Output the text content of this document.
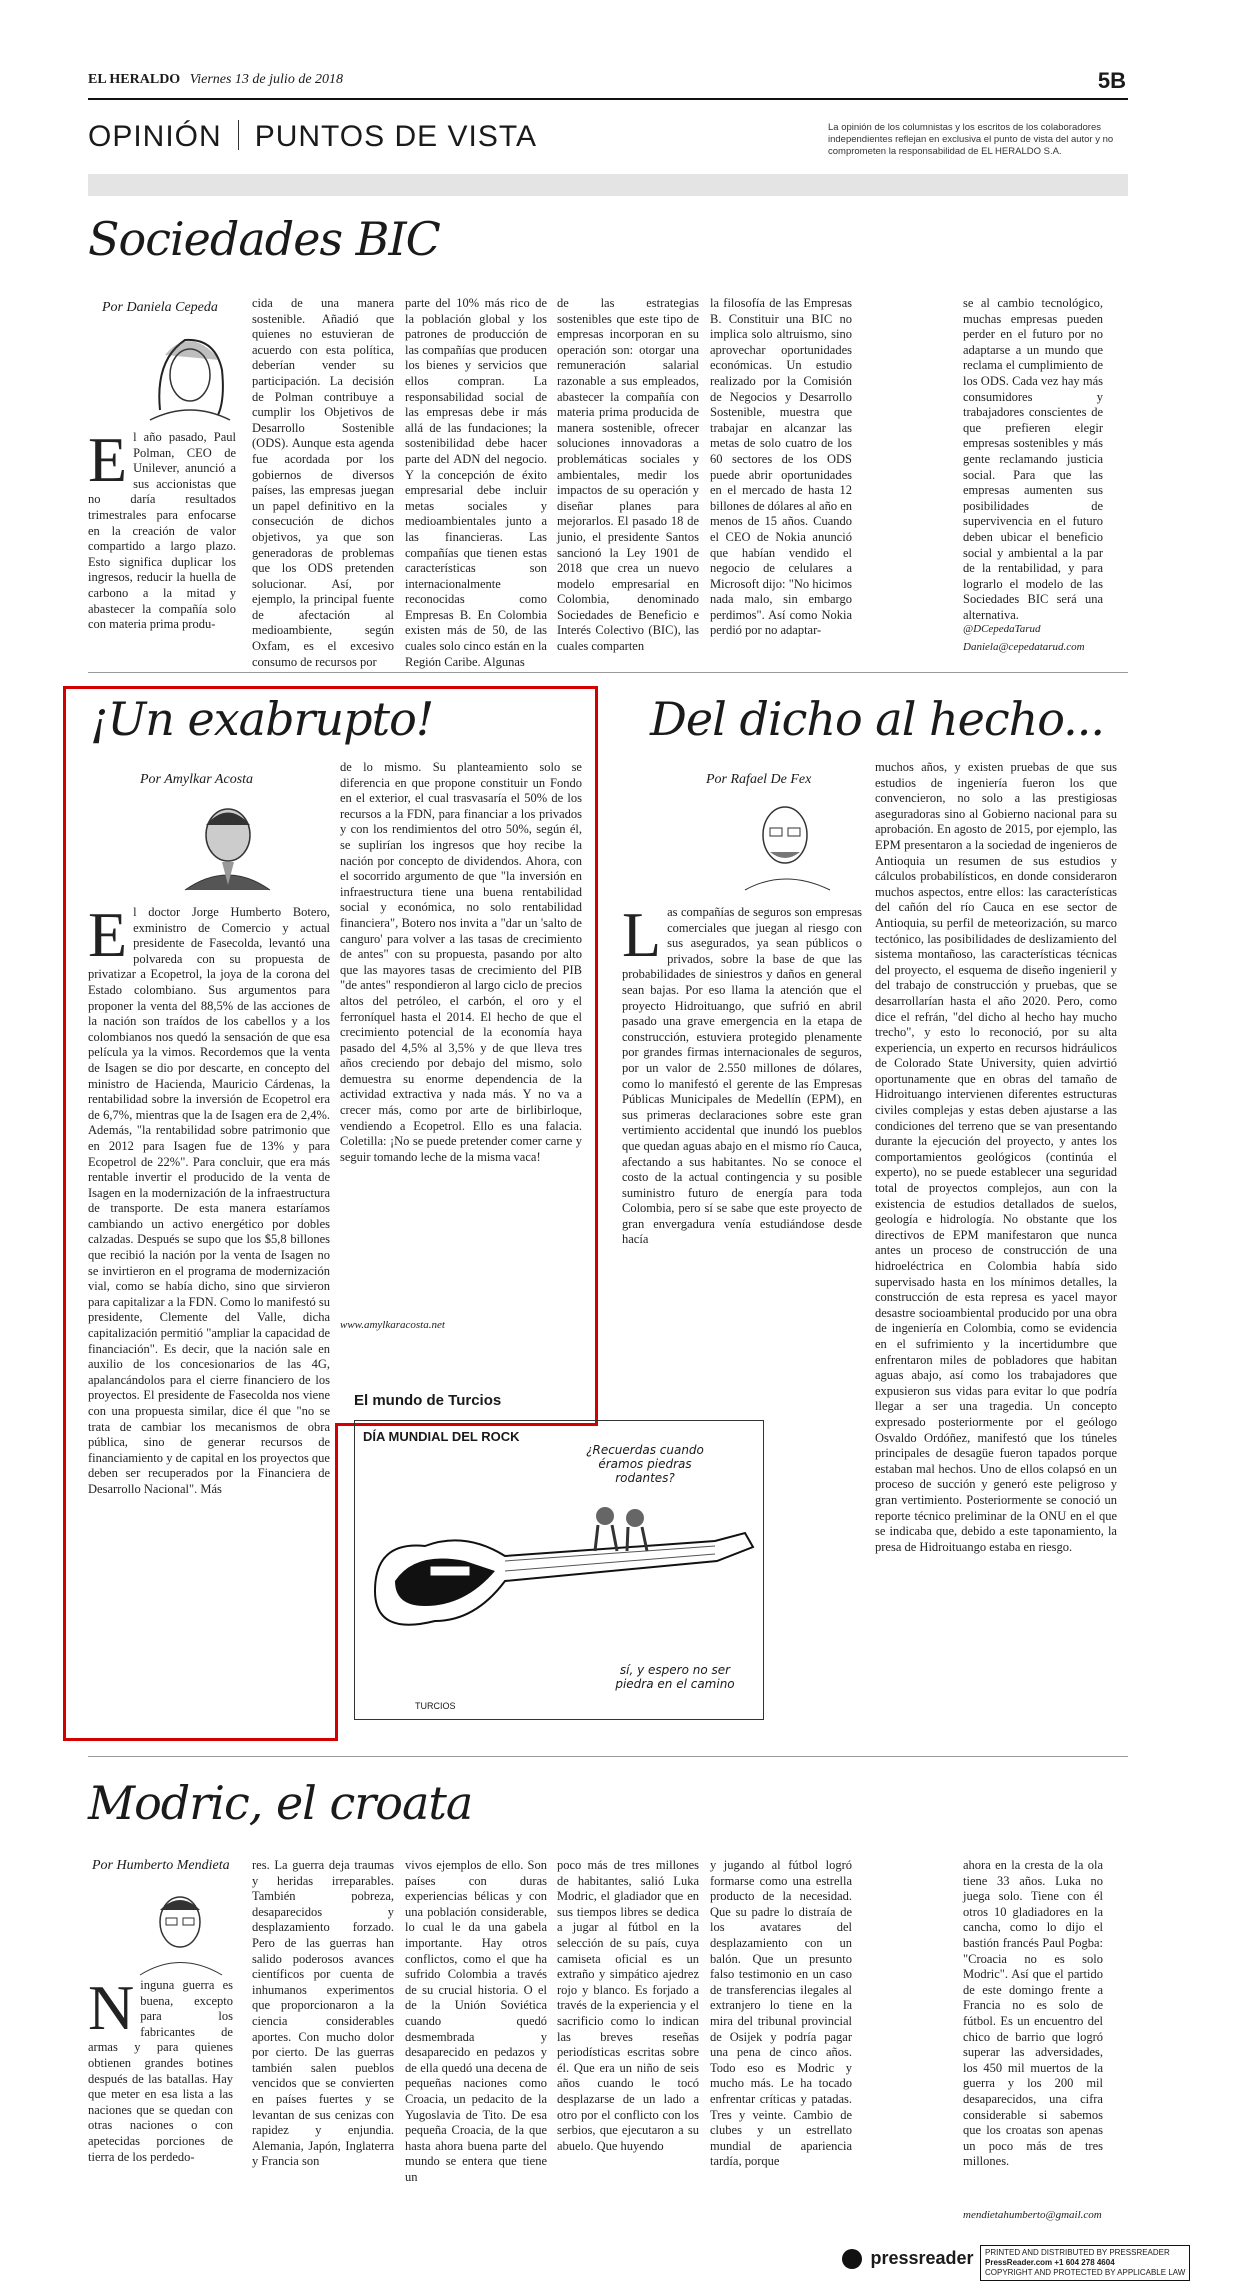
EL HERALDO Viernes 13 de julio de 2018	5B
OPINIÓN PUNTOS DE VISTA	La opinión de los columnistas y los escritos de los colaboradores independientes reflejan en exclusiva el punto de vista del autor y no comprometen la responsabilidad de EL HERALDO S.A.
Sociedades BIC
Por Daniela Cepeda
El año pasado, Paul Polman, CEO de Unilever, anunció a sus accionistas que no daría resultados trimestrales para enfocarse en la creación de valor compartido a largo plazo. Esto significa duplicar los ingresos, reducir la huella de carbono a la mitad y abastecer la compañía solo con materia prima produ-
cida de una manera sostenible. Añadió que quienes no estuvieran de acuerdo con esta política, deberían vender su participación. La decisión de Polman contribuye a cumplir los Objetivos de Desarrollo Sostenible (ODS). Aunque esta agenda fue acordada por los gobiernos de diversos países, las empresas juegan un papel definitivo en la consecución de dichos objetivos, ya que son generadoras de problemas que los ODS pretenden solucionar. Así, por ejemplo, la principal fuente de afectación al medioambiente, según Oxfam, es el excesivo consumo de recursos por
parte del 10% más rico de la población global y los patrones de producción de las compañías que producen los bienes y servicios que ellos compran. La responsabilidad social de las empresas debe ir más allá de las fundaciones; la sostenibilidad debe hacer parte del ADN del negocio. Y la concepción de éxito empresarial debe incluir metas sociales y medioambientales junto a las financieras. Las compañías que tienen estas características son internacionalmente reconocidas como Empresas B. En Colombia existen más de 50, de las cuales solo cinco están en la Región Caribe. Algunas
de las estrategias sostenibles que este tipo de empresas incorporan en su operación son: otorgar una remuneración salarial razonable a sus empleados, abastecer la compañía con materia prima producida de manera sostenible, ofrecer soluciones innovadoras a problemáticas sociales y ambientales, medir los impactos de su operación y diseñar planes para mejorarlos. El pasado 18 de junio, el presidente Santos sancionó la Ley 1901 de 2018 que crea un nuevo modelo empresarial en Colombia, denominado Sociedades de Beneficio e Interés Colectivo (BIC), las cuales comparten
la filosofía de las Empresas B. Constituir una BIC no implica solo altruismo, sino aprovechar oportunidades económicas. Un estudio realizado por la Comisión de Negocios y Desarrollo Sostenible, muestra que trabajar en alcanzar las metas de solo cuatro de los 60 sectores de los ODS puede abrir oportunidades en el mercado de hasta 12 billones de dólares al año en menos de 15 años. Cuando el CEO de Nokia anunció que habían vendido el negocio de celulares a Microsoft dijo: "No hicimos nada malo, sin embargo perdimos". Así como Nokia perdió por no adaptar-
se al cambio tecnológico, muchas empresas pueden perder en el futuro por no adaptarse a un mundo que reclama el cumplimiento de los ODS. Cada vez hay más consumidores y trabajadores conscientes de que prefieren elegir empresas sostenibles y más gente reclamando justicia social. Para que las empresas aumenten sus posibilidades de supervivencia en el futuro deben ubicar el beneficio social y ambiental a la par de la rentabilidad, y para lograrlo el modelo de las Sociedades BIC será una alternativa.
@DCepedaTarud
Daniela@cepedatarud.com
¡Un exabrupto!
Por Amylkar Acosta
El doctor Jorge Humberto Botero, exministro de Comercio y actual presidente de Fasecolda, levantó una polvareda con su propuesta de privatizar a Ecopetrol, la joya de la corona del Estado colombiano. Sus argumentos para proponer la venta del 88,5% de las acciones de la nación son traídos de los cabellos y a los colombianos nos quedó la sensación de que esa película ya la vimos. Recordemos que la venta de Isagen se dio por descarte, en concepto del ministro de Hacienda, Mauricio Cárdenas, la rentabilidad sobre la inversión de Ecopetrol era de 6,7%, mientras que la de Isagen era de 2,4%. Además, "la rentabilidad sobre patrimonio que en 2012 para Isagen fue de 13% y para Ecopetrol de 22%". Para concluir, que era más rentable invertir el producido de la venta de Isagen en la modernización de la infraestructura de transporte. De esta manera estaríamos cambiando un activo energético por dobles calzadas. Después se supo que los $5,8 billones que recibió la nación por la venta de Isagen no se invirtieron en el programa de modernización vial, como se había dicho, sino que sirvieron para capitalizar a la FDN. Como lo manifestó su presidente, Clemente del Valle, dicha capitalización permitió "ampliar la capacidad de financiación". Es decir, que la nación sale en auxilio de los concesionarios de las 4G, apalancándolos para el cierre financiero de los proyectos. El presidente de Fasecolda nos viene con una propuesta similar, dice él que "no se trata de cambiar los mecanismos de obra pública, sino de generar recursos de financiamiento y de capital en los proyectos que deben ser recuperados por la Financiera de Desarrollo Nacional". Más
de lo mismo. Su planteamiento solo se diferencia en que propone constituir un Fondo en el exterior, el cual trasvasaría el 50% de los recursos a la FDN, para financiar a los privados y con los rendimientos del otro 50%, según él, se suplirían los ingresos que hoy recibe la nación por concepto de dividendos. Ahora, con el socorrido argumento de que "la inversión en infraestructura tiene una buena rentabilidad social y económica, no solo rentabilidad financiera", Botero nos invita a "dar un 'salto de canguro' para volver a las tasas de crecimiento de antes" con su propuesta, pasando por alto que las mayores tasas de crecimiento del PIB "de antes" respondieron al largo ciclo de precios altos del petróleo, el carbón, el oro y el ferroníquel hasta el 2014. El hecho de que el crecimiento potencial de la economía haya pasado del 4,5% al 3,5% y de que lleva tres años creciendo por debajo del mismo, solo demuestra su enorme dependencia de la actividad extractiva y nada más. Y no va a crecer más, como por arte de birlibirloque, vendiendo a Ecopetrol. Ello es una falacia. Coletilla: ¡No se puede pretender comer carne y seguir tomando leche de la misma vaca!
www.amylkaracosta.net
Del dicho al hecho...
Por Rafael De Fex
Las compañías de seguros son empresas comerciales que juegan al riesgo con sus asegurados, ya sean públicos o privados, sobre la base de que las probabilidades de siniestros y daños en general sean bajas. Por eso llama la atención que el proyecto Hidroituango, que sufrió en abril pasado una grave emergencia en la etapa de construcción, estuviera protegido plenamente por grandes firmas internacionales de seguros, por un valor de 2.550 millones de dólares, como lo manifestó el gerente de las Empresas Públicas Municipales de Medellín (EPM), en sus primeras declaraciones sobre este gran vertimiento accidental que inundó los pueblos que quedan aguas abajo en el mismo río Cauca, afectando a sus habitantes. No se conoce el costo de la actual contingencia y su posible suministro futuro de energía para toda Colombia, pero sí se sabe que este proyecto de gran envergadura venía estudiándose desde hacía
muchos años, y existen pruebas de que sus estudios de ingeniería fueron los que convencieron, no solo a las prestigiosas aseguradoras sino al Gobierno nacional para su aprobación. En agosto de 2015, por ejemplo, las EPM presentaron a la sociedad de ingenieros de Antioquia un resumen de sus estudios y cálculos probabilísticos, en donde consideraron muchos aspectos, entre ellos: las características del cañón del río Cauca en ese sector de Antioquia, su perfil de meteorización, su marco tectónico, las posibilidades de deslizamiento del sistema montañoso, las características técnicas del proyecto, el esquema de diseño ingenieril y del trabajo de construcción y pruebas, que se desarrollarían hasta el año 2020. Pero, como dice el refrán, "del dicho al hecho hay mucho trecho", y esto lo reconoció, por su alta experiencia, un experto en recursos hidráulicos de Colorado State University, quien advirtió oportunamente que en obras del tamaño de Hidroituango intervienen diferentes estructuras civiles complejas y estas deben ajustarse a las condiciones del terreno que se van presentando durante la ejecución del proyecto, y antes los comportamientos geológicos (continúa el experto), no se puede establecer una seguridad total de proyectos complejos, aun con la existencia de estudios detallados de suelos, geología e hidrología. No obstante que los directivos de EPM manifestaron que nunca antes un proceso de construcción de una hidroeléctrica en Colombia había sido supervisado hasta en los mínimos detalles, la construcción de esta represa es yacel mayor desastre socioambiental producido por una obra de ingeniería en Colombia, como se evidencia en el sufrimiento y la incertidumbre que enfrentaron miles de pobladores que habitan aguas abajo, así como los trabajadores que expusieron sus vidas para evitar lo que podría llegar a ser una tragedia. Un concepto expresado posteriormente por el geólogo Osvaldo Ordóñez, manifestó que los túneles principales de desagüe fueron tapados porque estaban mal hechos. Uno de ellos colapsó en un proceso de succión y generó este peligroso y gran vertimiento. Posteriormente se conoció un reporte técnico preliminar de la ONU en el que se indicaba que, debido a este taponamiento, la presa de Hidroituango estaba en riesgo.
El mundo de Turcios
DÍA MUNDIAL DEL ROCK
¿Recuerdas cuando éramos piedras rodantes?
sí, y espero no ser piedra en el camino
TURCIOS
Modric, el croata
Por Humberto Mendieta
Ninguna guerra es buena, excepto para los fabricantes de armas y para quienes obtienen grandes botines después de las batallas. Hay que meter en esa lista a las naciones que se quedan con otras naciones o con apetecidas porciones de tierra de los perdedo-
res. La guerra deja traumas y heridas irreparables. También pobreza, desaparecidos y desplazamiento forzado. Pero de las guerras han salido poderosos avances científicos por cuenta de inhumanos experimentos que proporcionaron a la ciencia considerables aportes. Con mucho dolor por cierto. De las guerras también salen pueblos vencidos que se convierten en países fuertes y se levantan de sus cenizas con rapidez y enjundia. Alemania, Japón, Inglaterra y Francia son
vivos ejemplos de ello. Son países con duras experiencias bélicas y con una población considerable, lo cual le da una gabela importante. Hay otros conflictos, como el que ha sufrido Colombia a través de su crucial historia. O el de la Unión Soviética cuando quedó desmembrada y desaparecido en pedazos y de ella quedó una decena de pequeñas naciones como Croacia, un pedacito de la Yugoslavia de Tito. De esa pequeña Croacia, de la que hasta ahora buena parte del mundo se entera que tiene un
poco más de tres millones de habitantes, salió Luka Modric, el gladiador que en sus tiempos libres se dedica a jugar al fútbol en la selección de su país, cuya camiseta oficial es un extraño y simpático ajedrez rojo y blanco. Es forjado a través de la experiencia y el sacrificio como lo indican las breves reseñas periodísticas escritas sobre él. Que era un niño de seis años cuando le tocó desplazarse de un lado a otro por el conflicto con los serbios, que ejecutaron a su abuelo. Que huyendo
y jugando al fútbol logró formarse como una estrella producto de la necesidad. Que su padre lo distraía de los avatares del desplazamiento con un balón. Que un presunto falso testimonio en un caso de transferencias ilegales al extranjero lo tiene en la mira del tribunal provincial de Osijek y podría pagar una pena de cinco años. Todo eso es Modric y mucho más. Le ha tocado enfrentar críticas y patadas. Tres y veinte. Cambio de clubes y un estrellato mundial de apariencia tardía, porque
ahora en la cresta de la ola tiene 33 años. Luka no juega solo. Tiene con él otros 10 gladiadores en la cancha, como lo dijo el bastión francés Paul Pogba: "Croacia no es solo Modric". Así que el partido de este domingo frente a Francia no es solo de fútbol. Es un encuentro del chico de barrio que logró superar las adversidades, los 450 mil muertos de la guerra y los 200 mil desaparecidos, una cifra considerable si sabemos que los croatas son apenas un poco más de tres millones.
mendietahumberto@gmail.com
pressreader PRINTED AND DISTRIBUTED BY PRESSREADER
PressReader.com +1 604 278 4604
COPYRIGHT AND PROTECTED BY APPLICABLE LAW
